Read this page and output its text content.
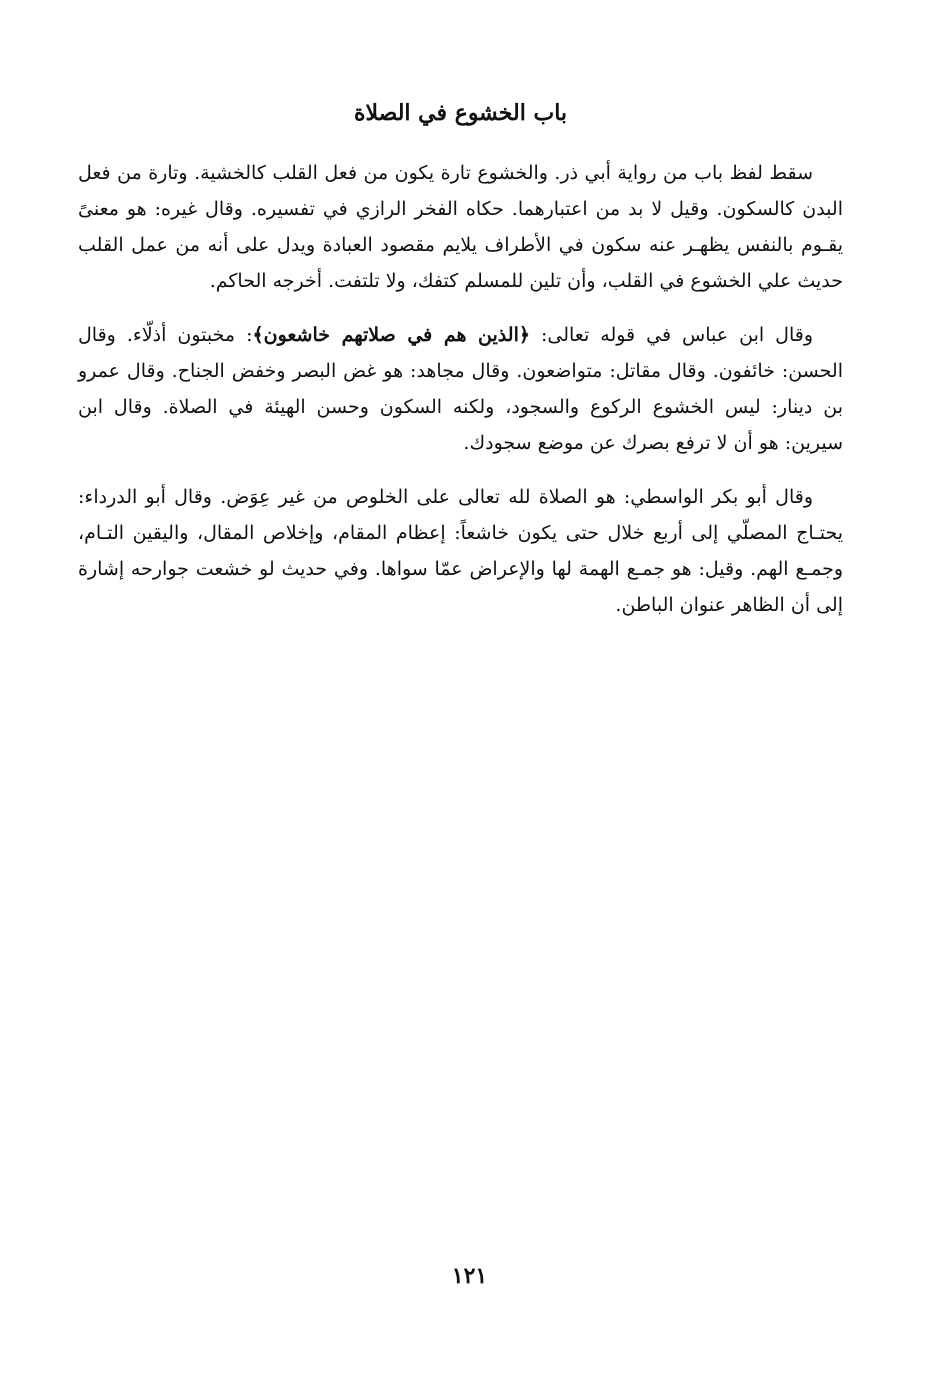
باب الخشوع في الصلاة

سقط لفظ باب من رواية أبي ذر. والخشوع تارة يكون من فعل القلب كالخشية. وتارة من فعل البدن كالسكون. وقيل لا بد من اعتبارهما. حكاه الفخر الرازي في تفسيره. وقال غيره: هو معنىً يقـوم بالنفس يظهـر عنه سكون في الأطراف يلايم مقصود العبادة ويدل على أنه من عمل القلب حديث علي الخشوع في القلب، وأن تلين للمسلم كتفك، ولا تلتفت. أخرجه الحاكم.

وقال ابن عباس في قوله تعالى: ﴿الذين هم في صلاتهم خاشعون﴾: مخبتون أذلّاء. وقال الحسن: خائفون. وقال مقاتل: متواضعون. وقال مجاهد: هو غض البصر وخفض الجناح. وقال عمرو بن دينار: ليس الخشوع الركوع والسجود، ولكنه السكون وحسن الهيئة في الصلاة. وقال ابن سيرين: هو أن لا ترفع بصرك عن موضع سجودك.

وقال أبو بكر الواسطي: هو الصلاة لله تعالى على الخلوص من غير عِوَض. وقال أبو الدرداء: يحتـاج المصلّي إلى أربع خلال حتى يكون خاشعاً: إعظام المقام، وإخلاص المقال، واليقين التـام، وجمـع الهم. وقيل: هو جمـع الهمة لها والإعراض عمّا سواها. وفي حديث لو خشعت جوارحه إشارة إلى أن الظاهر عنوان الباطن.

١٢١
